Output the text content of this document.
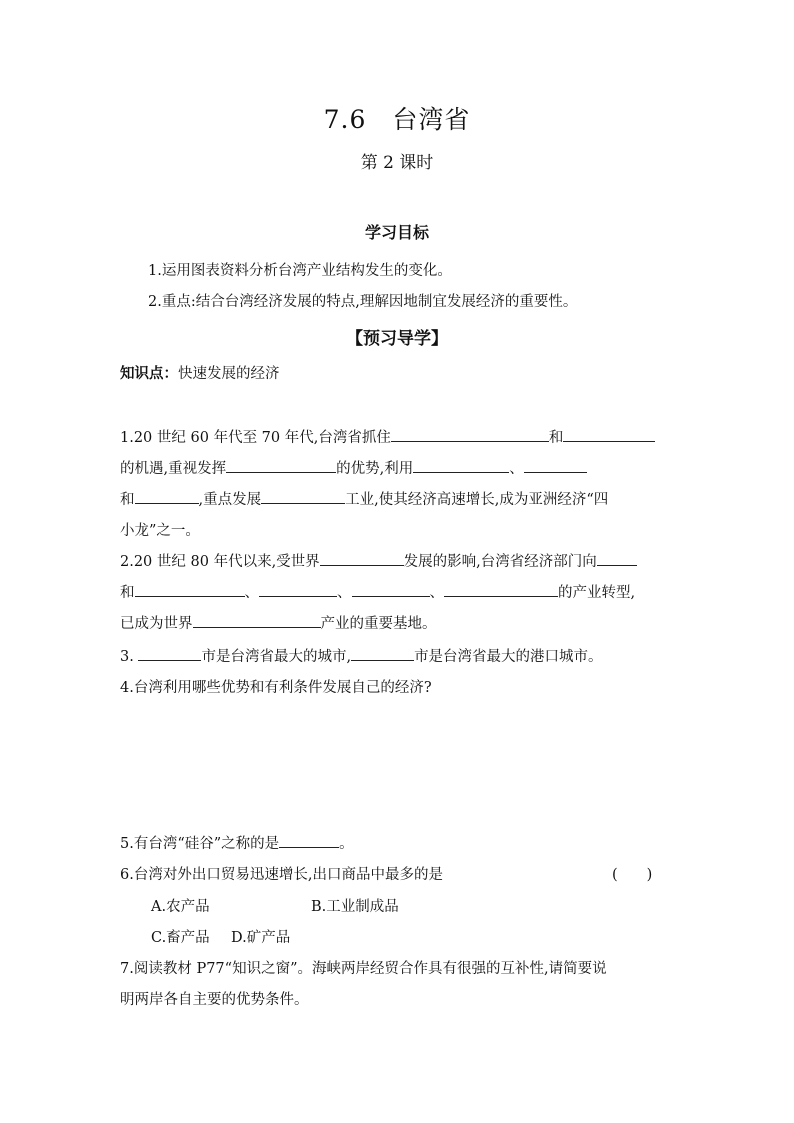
7.6　台湾省
第 2 课时
学习目标
1.运用图表资料分析台湾产业结构发生的变化。
2.重点:结合台湾经济发展的特点,理解因地制宜发展经济的重要性。
【预习导学】
知识点：快速发展的经济
1.20 世纪 60 年代至 70 年代,台湾省抓住	和
的机遇,重视发挥	的优势,利用	、
和	,重点发展	工业,使其经济高速增长,成为亚洲经济“四
小龙”之一。
2.20 世纪 80 年代以来,受世界	发展的影响,台湾省经济部门向
和	、	、	、	的产业转型,
已成为世界	产业的重要基地。
3.	市是台湾省最大的城市,	市是台湾省最大的港口城市。
4.台湾利用哪些优势和有利条件发展自己的经济?
5.有台湾“硅谷”之称的是	。
6.台湾对外出口贸易迅速增长,出口商品中最多的是	(　　)
A.农产品	B.工业制成品
C.畜产品 D.矿产品
7.阅读教材 P77“知识之窗”。海峡两岸经贸合作具有很强的互补性,请简要说
明两岸各自主要的优势条件。
